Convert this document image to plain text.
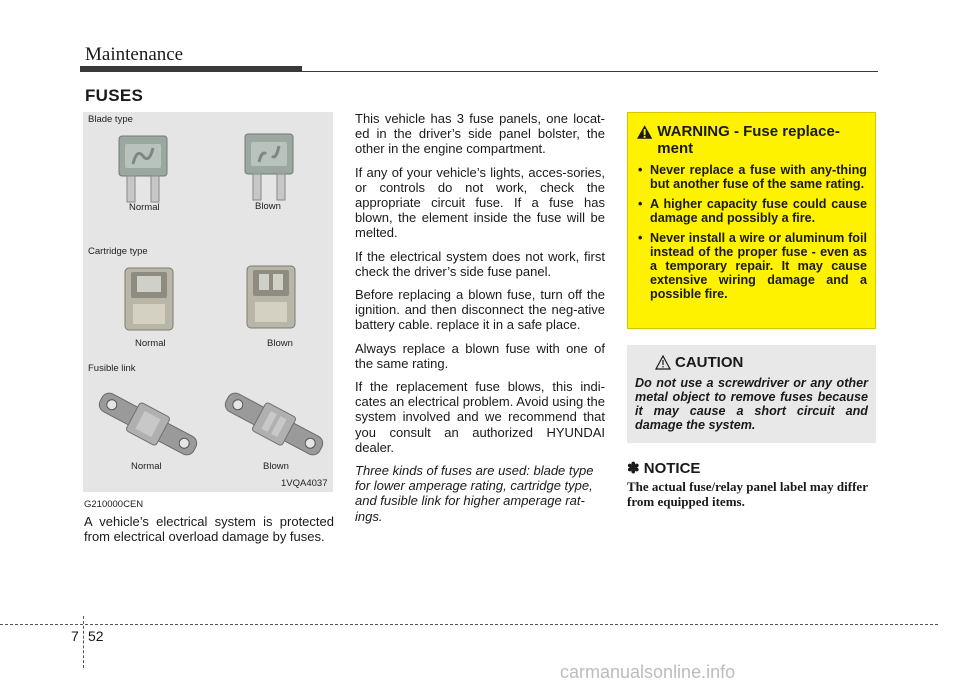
Maintenance
FUSES
Blade type
Normal	Blown
Cartridge type
Normal	Blown
Fusible link
Normal	Blown
1VQA4037
G210000CEN
A vehicle’s electrical system is protected from electrical overload damage by fuses.

This vehicle has 3 fuse panels, one locat-ed in the driver’s side panel bolster, the other in the engine compartment.

If any of your vehicle’s lights, acces-sories, or controls do not work, check the appropriate circuit fuse. If a fuse has blown, the element inside the fuse will be melted.

If the electrical system does not work, first check the driver’s side fuse panel.

Before replacing a blown fuse, turn off the ignition. and then disconnect the neg-ative battery cable. replace it in a safe place.

Always replace a blown fuse with one of the same rating.

If the replacement fuse blows, this indi-cates an electrical problem. Avoid using the system involved and we recommend that you consult an authorized HYUNDAI dealer.

Three kinds of fuses are used: blade type for lower amperage rating, cartridge type, and fusible link for higher amperage rat-ings.

WARNING - Fuse replace-ment
• Never replace a fuse with any-thing but another fuse of the same rating.
• A higher capacity fuse could cause damage and possibly a fire.
• Never install a wire or aluminum foil instead of the proper fuse - even as a temporary repair. It may cause extensive wiring damage and a possible fire.
CAUTION
Do not use a screwdriver or any other metal object to remove fuses because it may cause a short circuit and damage the system.
✽ NOTICE
The actual fuse/relay panel label may differ from equipped items.
7 52
carmanualsonline.info
